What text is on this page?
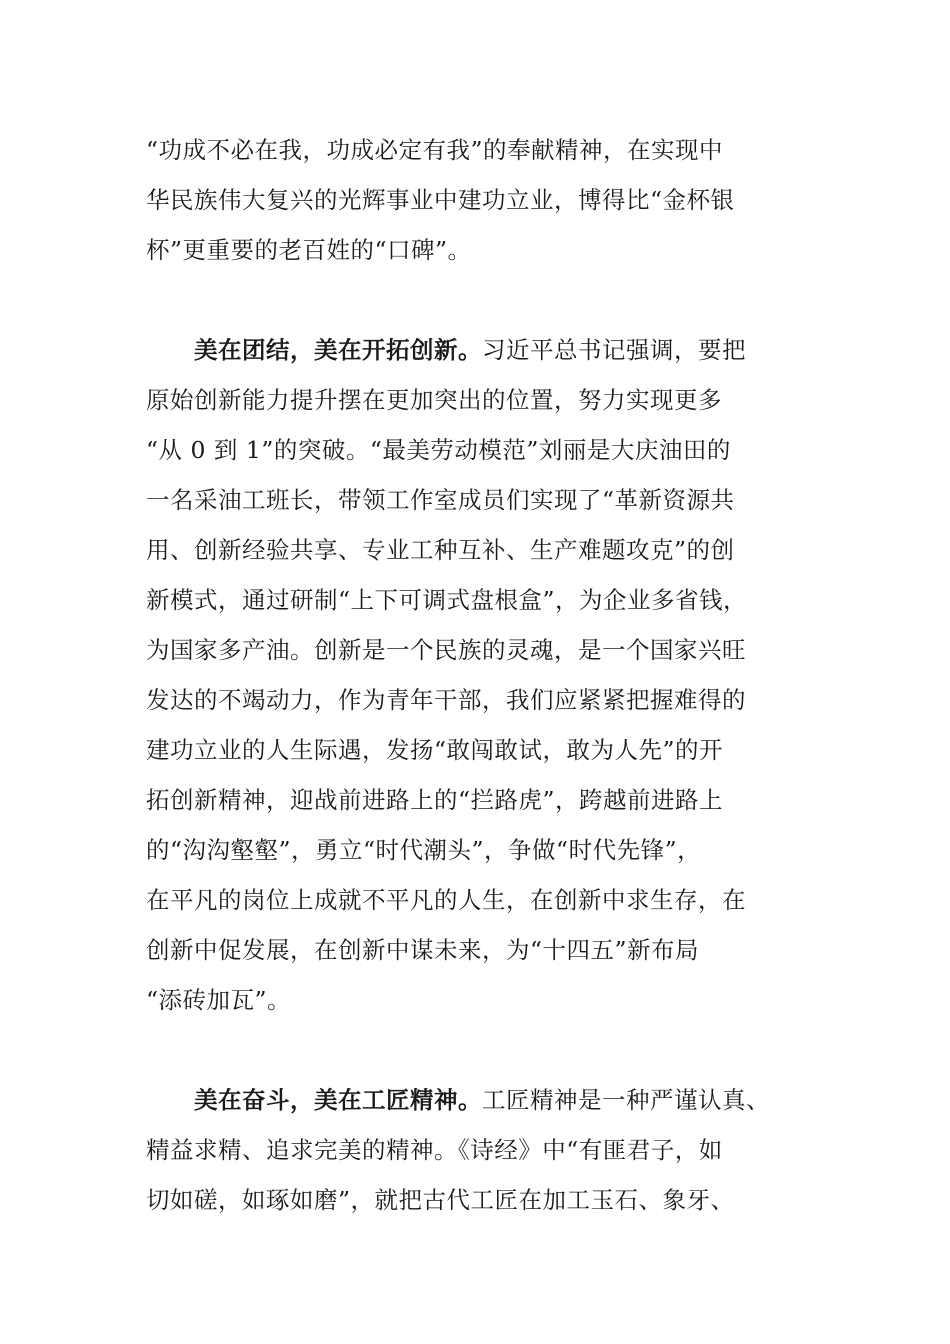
“功成不必在我，功成必定有我”的奉献精神，在实现中
华民族伟大复兴的光辉事业中建功立业，博得比“金杯银
杯”更重要的老百姓的“口碑”。
美在团结，美在开拓创新。习近平总书记强调，要把
原始创新能力提升摆在更加突出的位置，努力实现更多
“从 0 到 1”的突破。“最美劳动模范”刘丽是大庆油田的
一名采油工班长，带领工作室成员们实现了“革新资源共
用、创新经验共享、专业工种互补、生产难题攻克”的创
新模式，通过研制“上下可调式盘根盒”，为企业多省钱，
为国家多产油。创新是一个民族的灵魂，是一个国家兴旺
发达的不竭动力，作为青年干部，我们应紧紧把握难得的
建功立业的人生际遇，发扬“敢闯敢试，敢为人先”的开
拓创新精神，迎战前进路上的“拦路虎”，跨越前进路上
的“沟沟壑壑”，勇立“时代潮头”，争做“时代先锋”，
在平凡的岗位上成就不平凡的人生，在创新中求生存，在
创新中促发展，在创新中谋未来，为“十四五”新布局
“添砖加瓦”。
美在奋斗，美在工匠精神。工匠精神是一种严谨认真、
精益求精、追求完美的精神。《诗经》中“有匪君子，如
切如磋，如琢如磨”，就把古代工匠在加工玉石、象牙、
